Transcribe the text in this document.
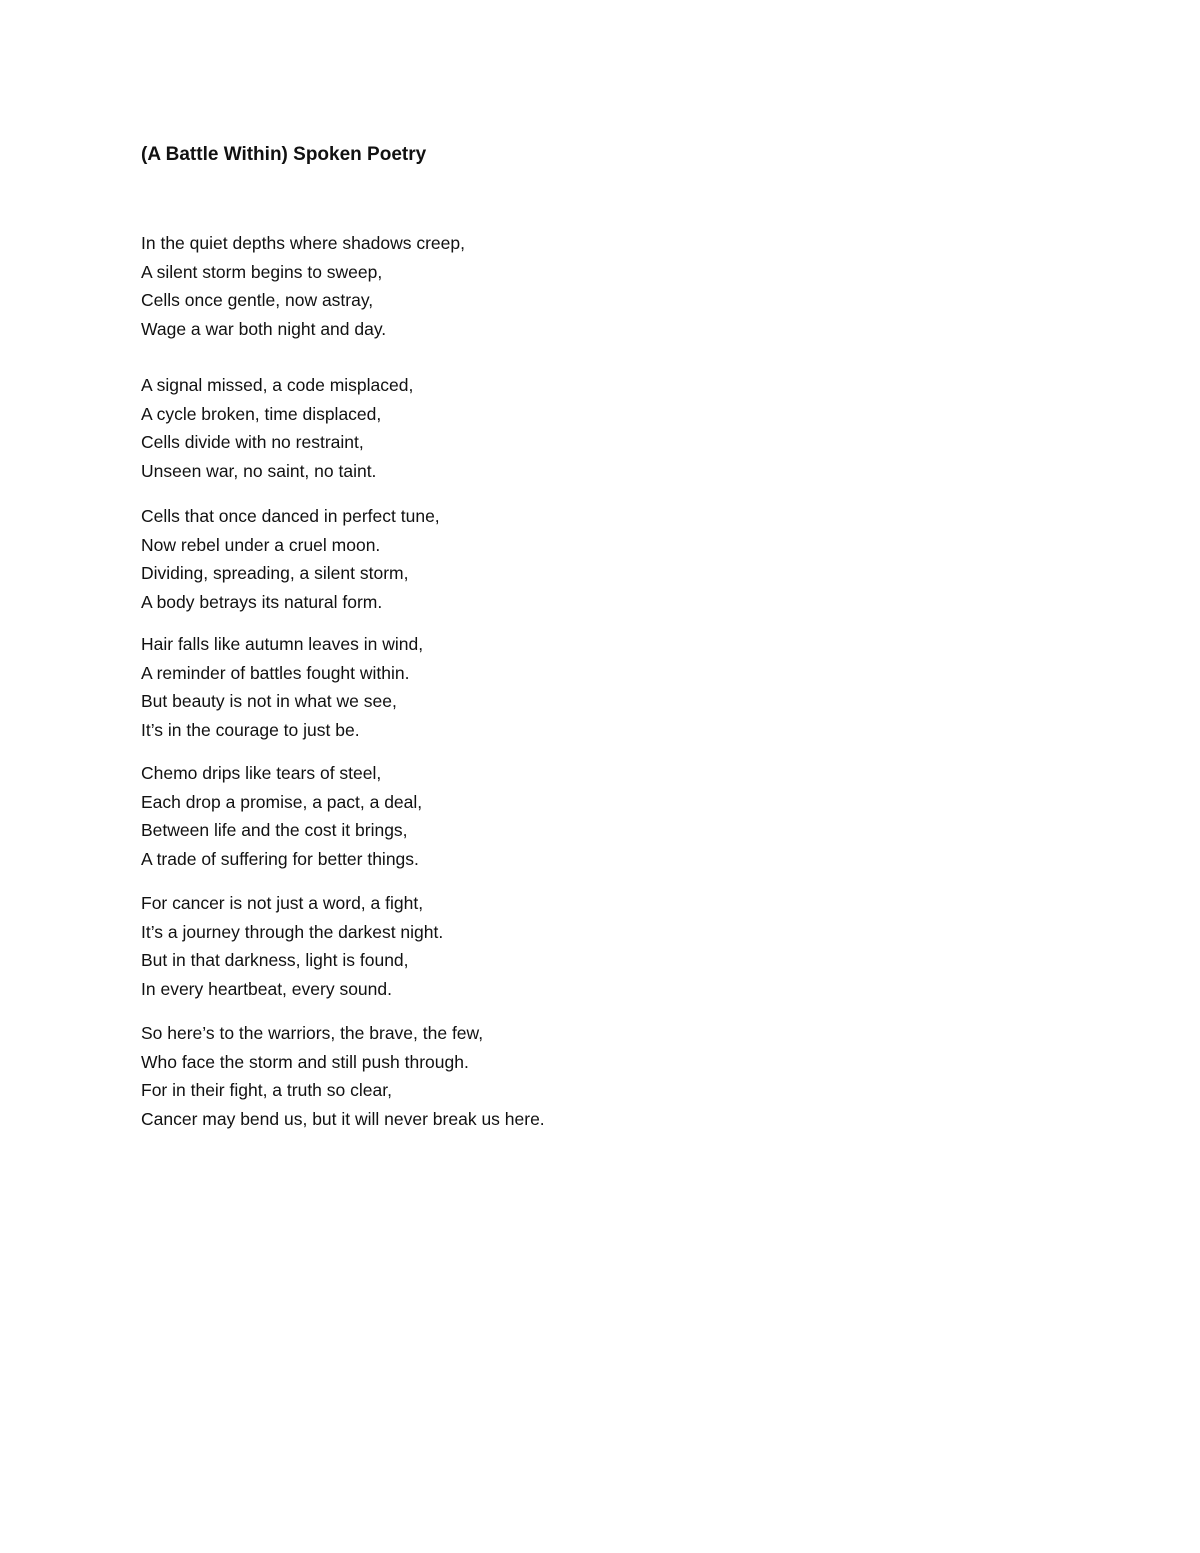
(A Battle Within) Spoken Poetry
In the quiet depths where shadows creep,
A silent storm begins to sweep,
Cells once gentle, now astray,
Wage a war both night and day.
A signal missed, a code misplaced,
A cycle broken, time displaced,
Cells divide with no restraint,
Unseen war, no saint, no taint.
Cells that once danced in perfect tune,
Now rebel under a cruel moon.
Dividing, spreading, a silent storm,
A body betrays its natural form.
Hair falls like autumn leaves in wind,
A reminder of battles fought within.
But beauty is not in what we see,
It’s in the courage to just be.
Chemo drips like tears of steel,
Each drop a promise, a pact, a deal,
Between life and the cost it brings,
A trade of suffering for better things.
For cancer is not just a word, a fight,
It’s a journey through the darkest night.
But in that darkness, light is found,
In every heartbeat, every sound.
So here’s to the warriors, the brave, the few,
Who face the storm and still push through.
For in their fight, a truth so clear,
Cancer may bend us, but it will never break us here.
